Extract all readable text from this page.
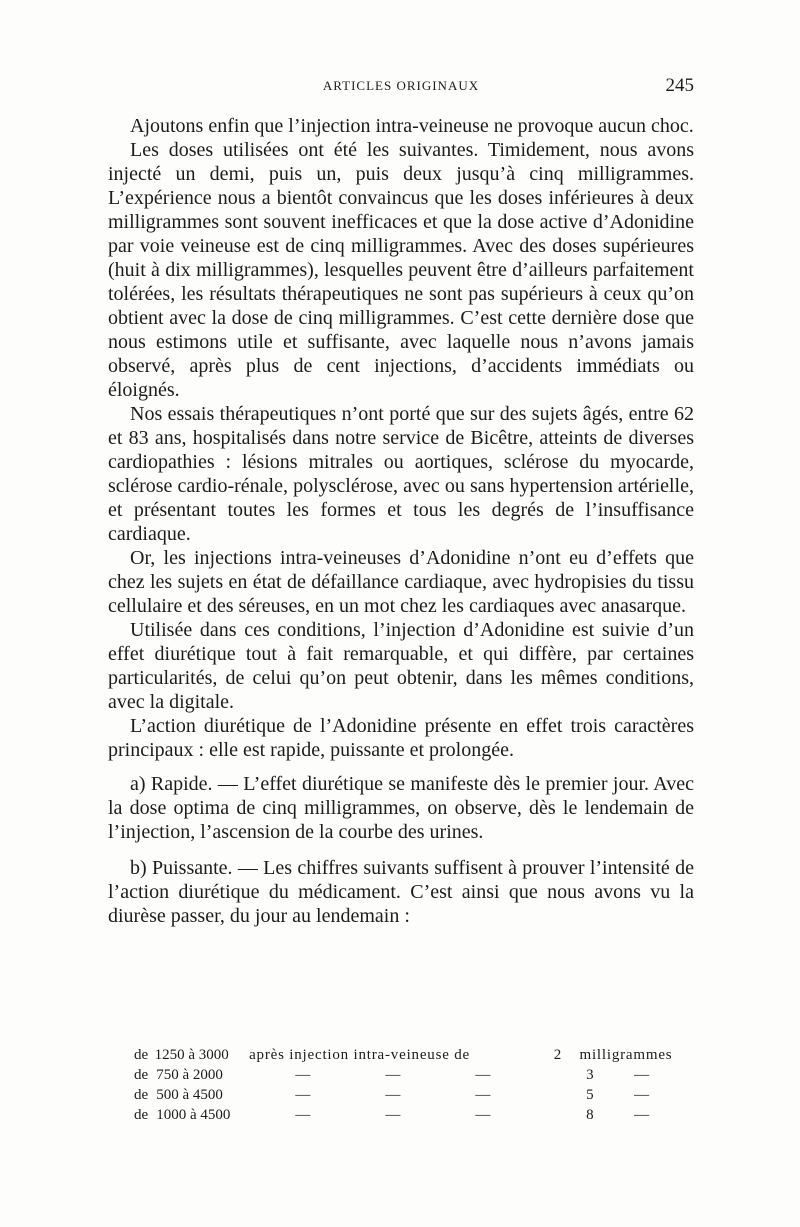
ARTICLES ORIGINAUX	245

Ajoutons enfin que l’injection intra-veineuse ne provoque aucun choc.

Les doses utilisées ont été les suivantes. Timidement, nous avons injecté un demi, puis un, puis deux jusqu’à cinq milligrammes. L’expérience nous a bientôt convaincus que les doses inférieures à deux milligrammes sont souvent inefficaces et que la dose active d’Adonidine par voie veineuse est de cinq milligrammes. Avec des doses supérieures (huit à dix milligrammes), lesquelles peuvent être d’ailleurs parfaitement tolérées, les résultats thérapeutiques ne sont pas supérieurs à ceux qu’on obtient avec la dose de cinq milligrammes. C’est cette dernière dose que nous estimons utile et suffisante, avec laquelle nous n’avons jamais observé, après plus de cent injections, d’accidents immédiats ou éloignés.

Nos essais thérapeutiques n’ont porté que sur des sujets âgés, entre 62 et 83 ans, hospitalisés dans notre service de Bicêtre, atteints de diverses cardiopathies : lésions mitrales ou aortiques, sclérose du myocarde, sclérose cardio-rénale, polysclérose, avec ou sans hypertension artérielle, et présentant toutes les formes et tous les degrés de l’insuffisance cardiaque.

Or, les injections intra-veineuses d’Adonidine n’ont eu d’effets que chez les sujets en état de défaillance cardiaque, avec hydropisies du tissu cellulaire et des séreuses, en un mot chez les cardiaques avec anasarque.

Utilisée dans ces conditions, l’injection d’Adonidine est suivie d’un effet diurétique tout à fait remarquable, et qui diffère, par certaines particularités, de celui qu’on peut obtenir, dans les mêmes conditions, avec la digitale.

L’action diurétique de l’Adonidine présente en effet trois caractères principaux : elle est rapide, puissante et prolongée.

a) Rapide. — L’effet diurétique se manifeste dès le premier jour. Avec la dose optima de cinq milligrammes, on observe, dès le lendemain de l’injection, l’ascension de la courbe des urines.

b) Puissante. — Les chiffres suivants suffisent à prouver l’intensité de l’action diurétique du médicament. C’est ainsi que nous avons vu la diurèse passer, du jour au lendemain :

de 1250 à 3000	après injection intra-veineuse de	2	milligrammes
de 750 à 2000	—	—	—	3	—
de 500 à 4500	—	—	—	5	—
de 1000 à 4500	—	—	—	8	—
